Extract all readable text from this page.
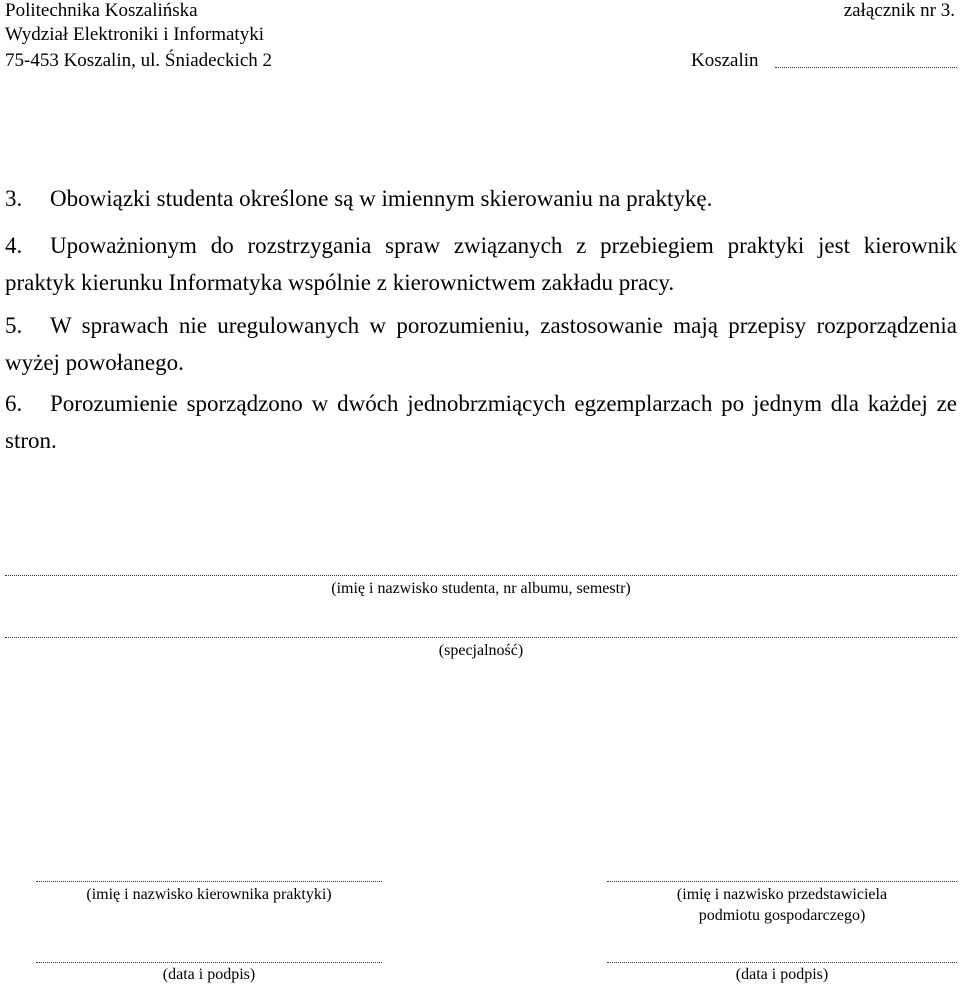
Politechnika Koszalińska
Wydział Elektroniki i Informatyki
75-453 Koszalin, ul. Śniadeckich 2
załącznik nr 3.
Koszalin
3. Obowiązki studenta określone są w imiennym skierowaniu na praktykę.
4. Upoważnionym do rozstrzygania spraw związanych z przebiegiem praktyki jest kierownik praktyk kierunku Informatyka wspólnie z kierownictwem zakładu pracy.
5. W sprawach nie uregulowanych w porozumieniu, zastosowanie mają przepisy rozporządzenia wyżej powołanego.
6. Porozumienie sporządzono w dwóch jednobrzmiących egzemplarzach po jednym dla każdej ze stron.
(imię i nazwisko studenta, nr albumu, semestr)
(specjalność)
(imię i nazwisko kierownika praktyki)	(imię i nazwisko przedstawiciela
podmiotu gospodarczego)
(data i podpis)	(data i podpis)
